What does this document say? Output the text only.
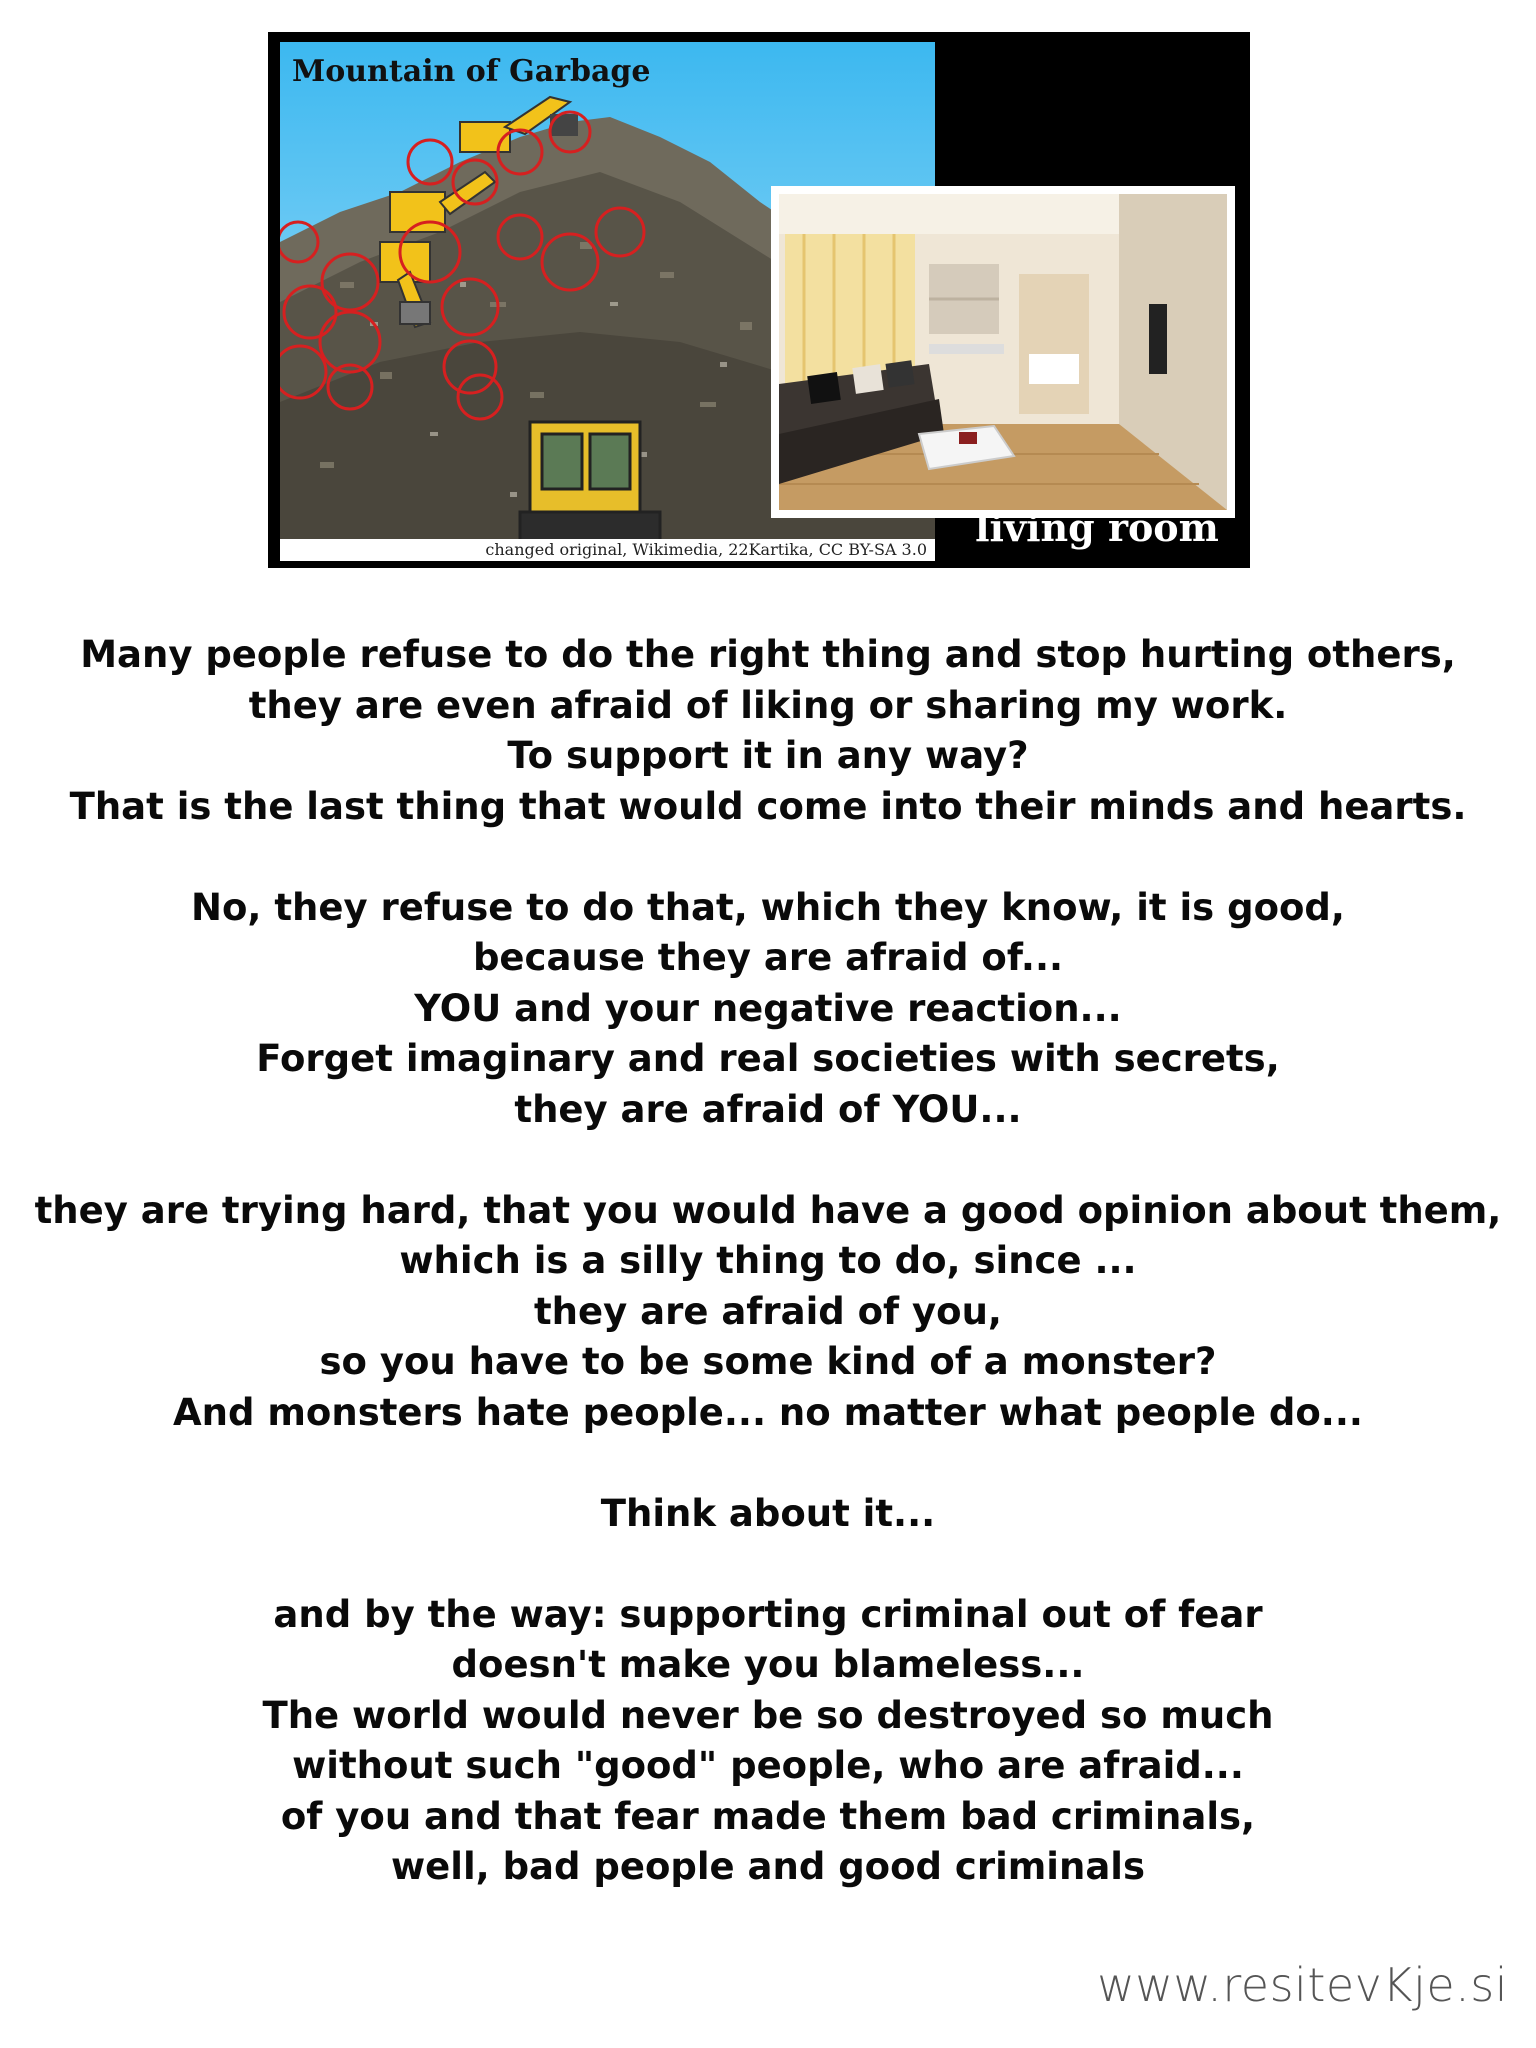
Mountain of Garbage
changed original, Wikimedia, 22Kartika, CC BY-SA 3.0	living room
Many people refuse to do the right thing and stop hurting others,
they are even afraid of liking or sharing my work.
To support it in any way?
That is the last thing that would come into their minds and hearts.
No, they refuse to do that, which they know, it is good,
because they are afraid of...
YOU and your negative reaction...
Forget imaginary and real societies with secrets,
they are afraid of YOU...
they are trying hard, that you would have a good opinion about them,
which is a silly thing to do, since ...
they are afraid of you,
so you have to be some kind of a monster?
And monsters hate people... no matter what people do...
Think about it...
and by the way: supporting criminal out of fear
doesn't make you blameless...
The world would never be so destroyed so much
without such "good" people, who are afraid...
of you and that fear made them bad criminals,
well, bad people and good criminals
www.resitevKje.si
